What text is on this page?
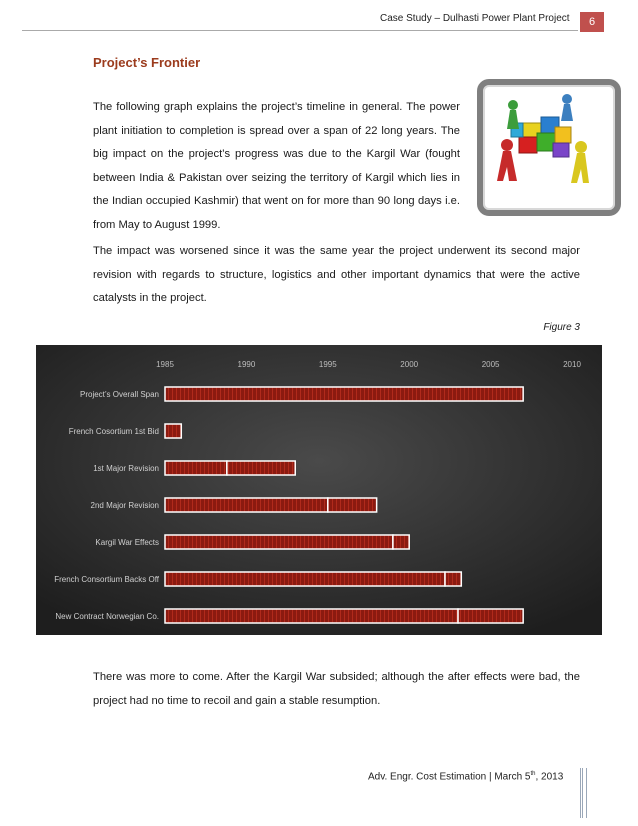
Case Study – Dulhasti Power Plant Project	6
Project’s Frontier
The following graph explains the project’s timeline in general. The power plant initiation to completion is spread over a span of 22 long years. The big impact on the project’s progress was due to the Kargil War (fought between India & Pakistan over seizing the territory of Kargil which lies in the Indian occupied Kashmir) that went on for more than 90 long days i.e. from May to August 1999.
The impact was worsened since it was the same year the project underwent its second major revision with regards to structure, logistics and other important dynamics that were the active catalysts in the project.
Figure 3
1985	1990	1995	2000	2005	2010
Project’s Overall Span
French Cosortium 1st Bid
1st Major Revision
2nd Major Revision
Kargil War Effects
French Consortium Backs Off
New Contract Norwegian Co.
There was more to come. After the Kargil War subsided; although the after effects were bad, the project had no time to recoil and gain a stable resumption.
Adv. Engr. Cost Estimation | March 5th, 2013
